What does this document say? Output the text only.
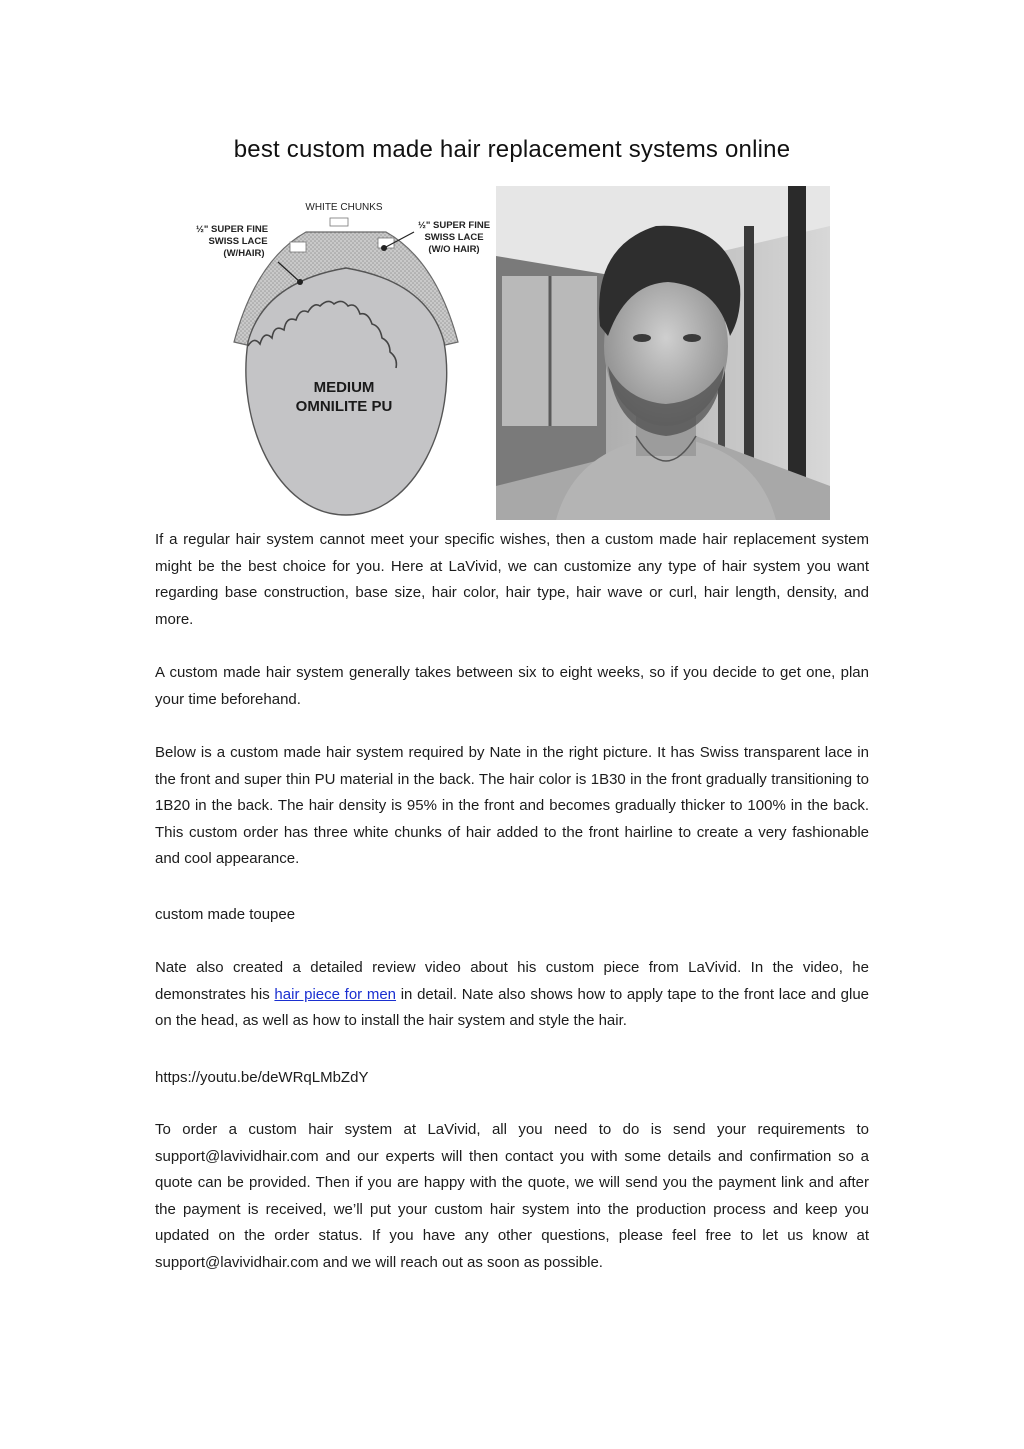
best custom made hair replacement systems online
WHITE CHUNKS
½" SUPER FINE
SWISS LACE
(W/HAIR)
½" SUPER FINE
SWISS LACE
(W/O HAIR)
MEDIUM
OMNILITE PU

If a regular hair system cannot meet your specific wishes, then a custom made hair replacement system might be the best choice for you. Here at LaVivid, we can customize any type of hair system you want regarding base construction, base size, hair color, hair type, hair wave or curl, hair length, density, and more.

A custom made hair system generally takes between six to eight weeks, so if you decide to get one, plan your time beforehand.

Below is a custom made hair system required by Nate in the right picture. It has Swiss transparent lace in the front and super thin PU material in the back. The hair color is 1B30 in the front gradually transitioning to 1B20 in the back. The hair density is 95% in the front and becomes gradually thicker to 100% in the back. This custom order has three white chunks of hair added to the front hairline to create a very fashionable and cool appearance.

custom made toupee

Nate also created a detailed review video about his custom piece from LaVivid. In the video, he demonstrates his hair piece for men in detail. Nate also shows how to apply tape to the front lace and glue on the head, as well as how to install the hair system and style the hair.

https://youtu.be/deWRqLMbZdY

To order a custom hair system at LaVivid, all you need to do is send your requirements to support@lavividhair.com and our experts will then contact you with some details and confirmation so a quote can be provided. Then if you are happy with the quote, we will send you the payment link and after the payment is received, we’ll put your custom hair system into the production process and keep you updated on the order status. If you have any other questions, please feel free to let us know at support@lavividhair.com and we will reach out as soon as possible.
